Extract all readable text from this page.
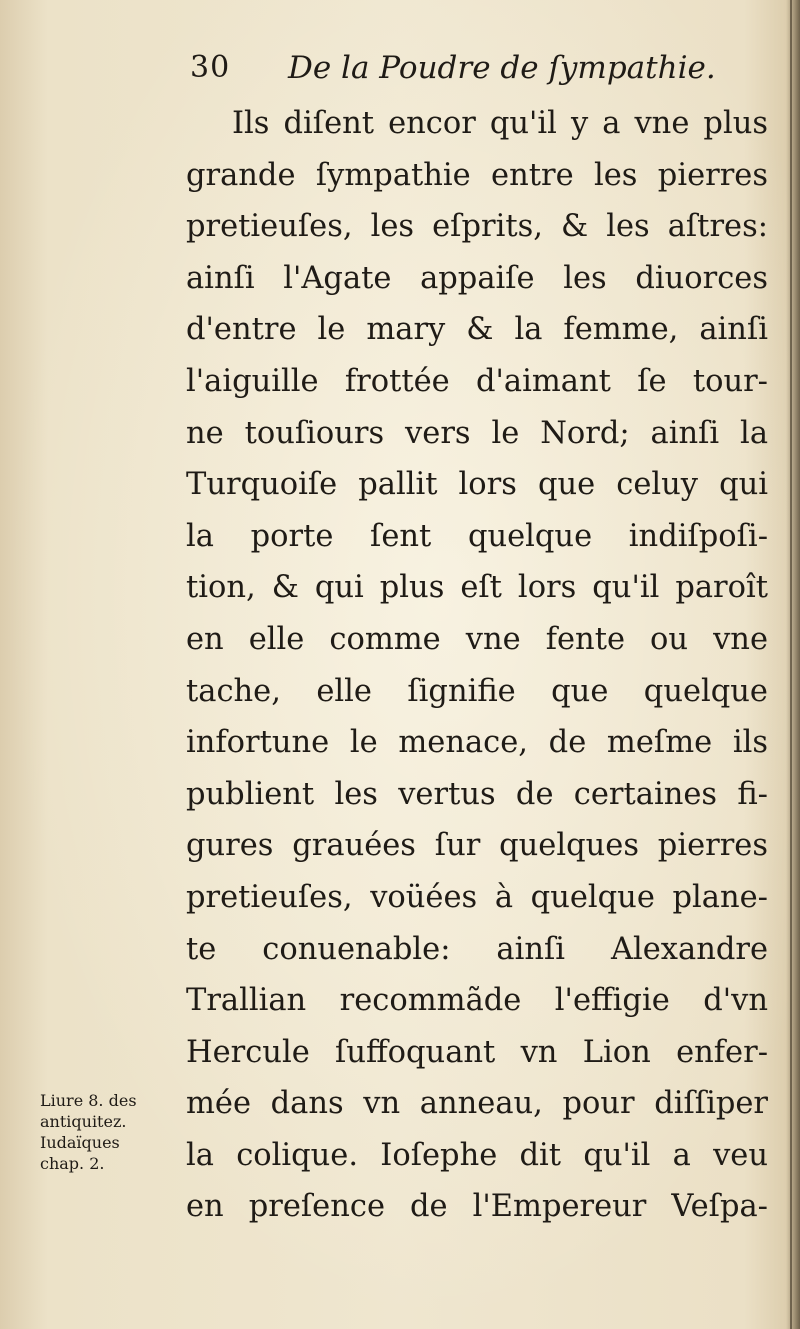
30 De la Poudre de ſympathie.
Ils diſent encor qu'il y a vne plus
grande ſympathie entre les pierres
pretieuſes, les eſprits, & les aſtres:
ainſi l'Agate appaiſe les diuorces
d'entre le mary & la femme, ainſi
l'aiguille frottée d'aimant ſe tour-
ne touſiours vers le Nord; ainſi la
Turquoiſe pallit lors que celuy qui
la porte ſent quelque indiſpoſi-
tion, & qui plus eſt lors qu'il paroît
en elle comme vne fente ou vne
tache, elle ſignifie que quelque
infortune le menace, de meſme ils
publient les vertus de certaines fi-
gures grauées ſur quelques pierres
pretieuſes, voüées à quelque plane-
te conuenable: ainſi Alexandre
Trallian recommãde l'effigie d'vn
Hercule ſuffoquant vn Lion enfer-
mée dans vn anneau, pour diſſiper
la colique. Ioſephe dit qu'il a veu
en preſence de l'Empereur Veſpa-
Liure 8. des
antiquitez.
Iudaïques
chap. 2.
